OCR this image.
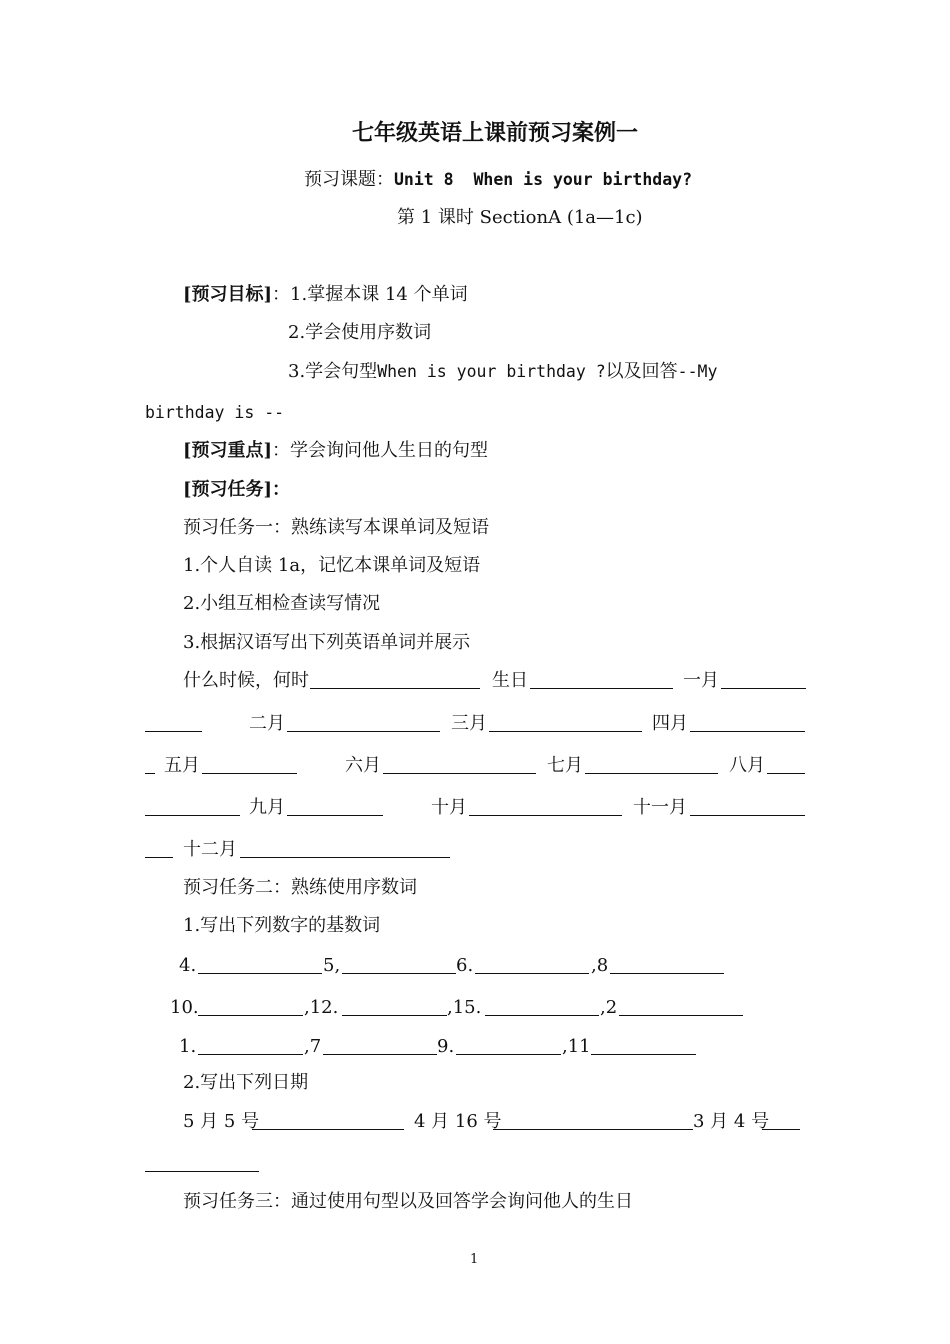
七年级英语上课前预习案例一
预习课题：Unit 8  When is your birthday?
第 1 课时 SectionA (1a—1c)
[预习目标]：1.掌握本课 14 个单词
2.学会使用序数词
3.学会句型When is your birthday ?以及回答--My
birthday is --
[预习重点]：学会询问他人生日的句型
[预习任务]：
预习任务一：熟练读写本课单词及短语
1.个人自读 1a，记忆本课单词及短语
2.小组互相检查读写情况
3.根据汉语写出下列英语单词并展示
什么时候，何时	生日	一月
二月	三月	四月
五月	六月	七月	八月
九月	十月	十一月
十二月
预习任务二：熟练使用序数词
1.写出下列数字的基数词
4.	5,	6.	,8
10.	,12.	,15.	,2
1.	,7	9.	,11
2.写出下列日期
5 月 5 号	4 月 16 号	3 月 4 号
预习任务三：通过使用句型以及回答学会询问他人的生日
1
